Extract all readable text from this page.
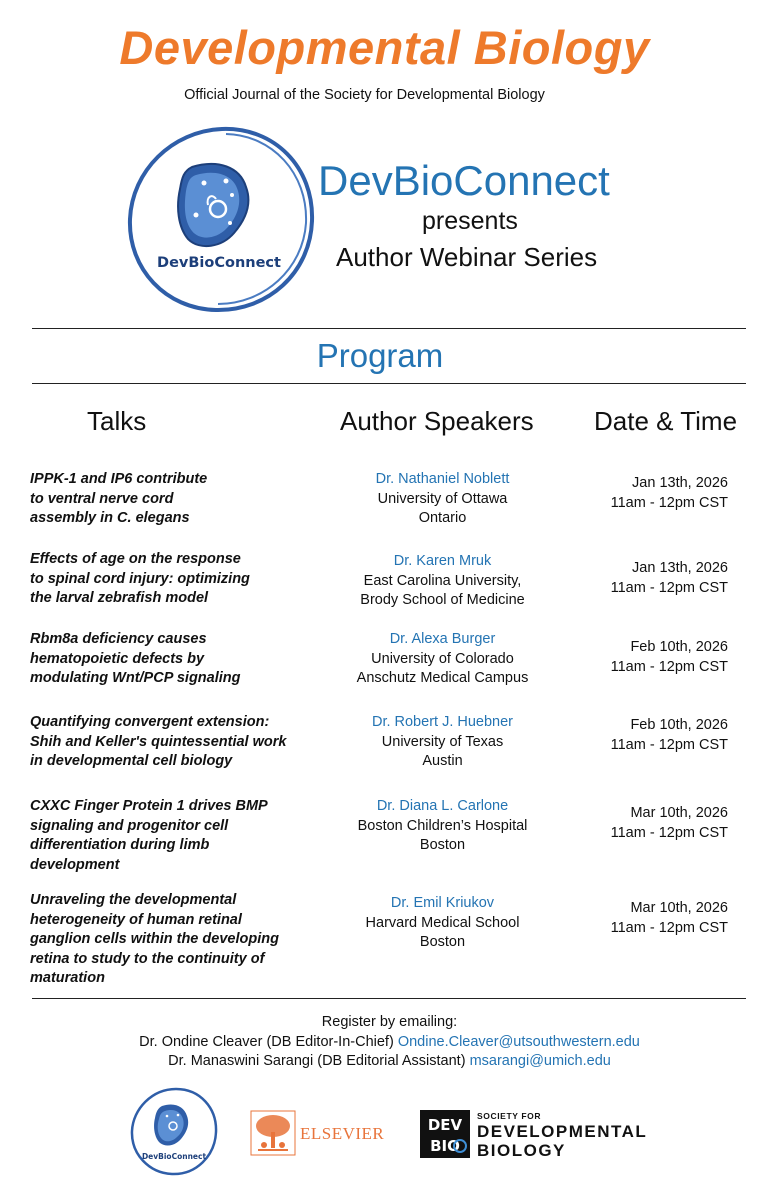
Developmental Biology
Official Journal of the Society for Developmental Biology
DevBioConnect
DevBioConnect
presents
Author Webinar Series
Program
Talks	Author Speakers Date & Time
IPPK-1 and IP6 contribute
to ventral nerve cord
assembly in C. elegans
Dr. Nathaniel Noblett
University of Ottawa
Ontario
Jan 13th, 2026
11am - 12pm CST
Effects of age on the response
to spinal cord injury: optimizing
the larval zebrafish model
Dr. Karen Mruk
East Carolina University,
Brody School of Medicine
Jan 13th, 2026
11am - 12pm CST
Rbm8a deficiency causes
hematopoietic defects by
modulating Wnt/PCP signaling
Dr. Alexa Burger
University of Colorado
Anschutz Medical Campus
Feb 10th, 2026
11am - 12pm CST
Quantifying convergent extension:
Shih and Keller's quintessential work
in developmental cell biology
Dr. Robert J. Huebner
University of Texas
Austin
Feb 10th, 2026
11am - 12pm CST
CXXC Finger Protein 1 drives BMP
signaling and progenitor cell
differentiation during limb
development
Dr. Diana L. Carlone
Boston Children’s Hospital
Boston
Mar 10th, 2026
11am - 12pm CST
Unraveling the developmental
heterogeneity of human retinal
ganglion cells within the developing
retina to study to the continuity of
maturation
Dr. Emil Kriukov
Harvard Medical School
Boston
Mar 10th, 2026
11am - 12pm CST
Register by emailing:
Dr. Ondine Cleaver (DB Editor-In-Chief) Ondine.Cleaver@utsouthwestern.edu
Dr. Manaswini Sarangi (DB Editorial Assistant) msarangi@umich.edu
DevBioConnect
ELSEVIER	DEV
BIO
SOCIETY FOR
DEVELOPMENTAL
BIOLOGY
